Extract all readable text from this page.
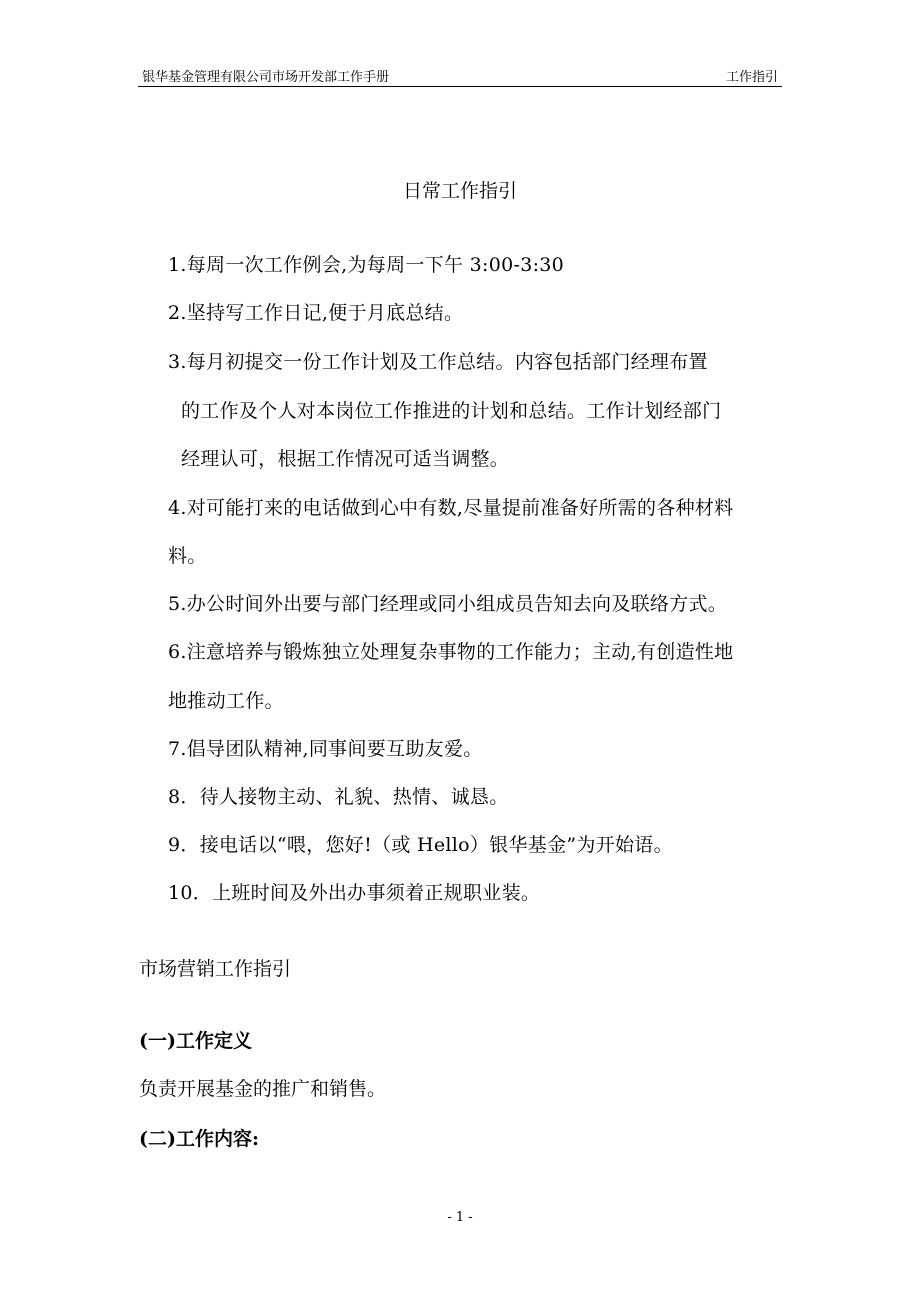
银华基金管理有限公司市场开发部工作手册	工作指引
日常工作指引
1.每周一次工作例会,为每周一下午 3:00-3:30
2.坚持写工作日记,便于月底总结。
3.每月初提交一份工作计划及工作总结。内容包括部门经理布置
的工作及个人对本岗位工作推进的计划和总结。工作计划经部门
经理认可，根据工作情况可适当调整。
4.对可能打来的电话做到心中有数,尽量提前准备好所需的各种材料
料。
5.办公时间外出要与部门经理或同小组成员告知去向及联络方式。
6.注意培养与锻炼独立处理复杂事物的工作能力；主动,有创造性地
地推动工作。
7.倡导团队精神,同事间要互助友爱。
8．待人接物主动、礼貌、热情、诚恳。
9．接电话以“喂，您好!（或 Hello）银华基金”为开始语。
10．上班时间及外出办事须着正规职业装。
市场营销工作指引
(一)工作定义
负责开展基金的推广和销售。
(二)工作内容:
- 1 -
